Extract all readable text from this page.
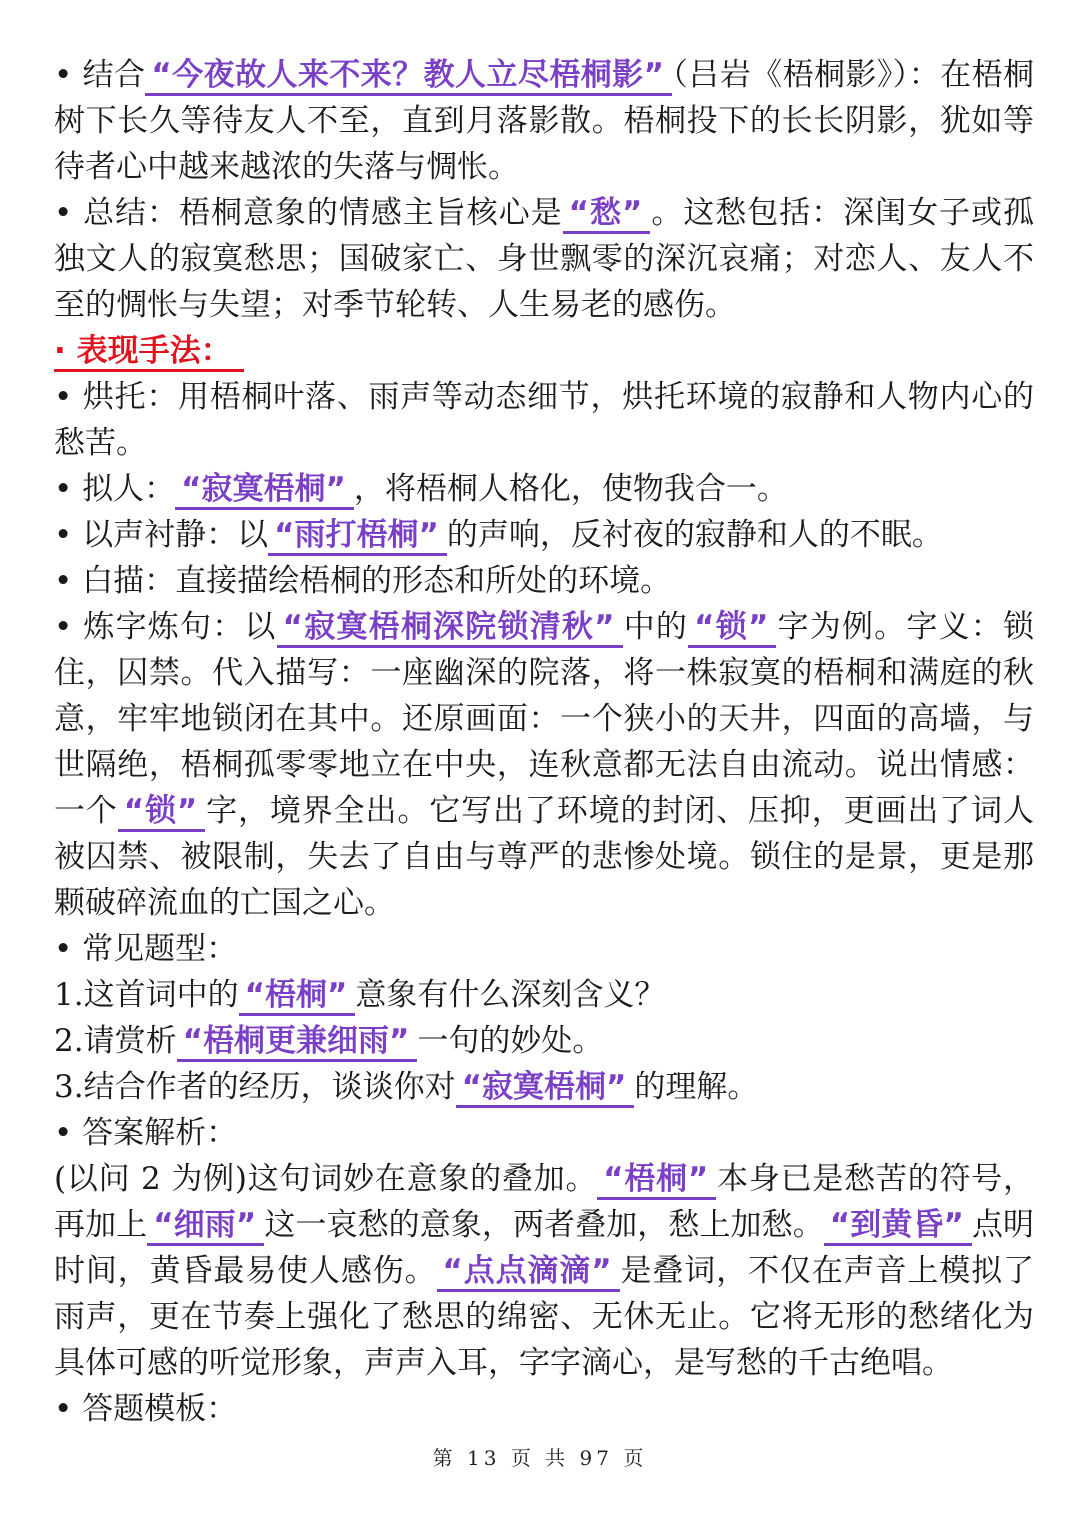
• 结合 “今夜故人来不来？教人立尽梧桐影” （吕岩《梧桐影》）：在梧桐树下长久等待友人不至，直到月落影散。梧桐投下的长长阴影，犹如等待者心中越来越浓的失落与惆怅。

• 总结：梧桐意象的情感主旨核心是 “愁” 。这愁包括：深闺女子或孤独文人的寂寞愁思；国破家亡、身世飘零的深沉哀痛；对恋人、友人不至的惆怅与失望；对季节轮转、人生易老的感伤。

· 表现手法：

• 烘托：用梧桐叶落、雨声等动态细节，烘托环境的寂静和人物内心的愁苦。

• 拟人： “寂寞梧桐” ，将梧桐人格化，使物我合一。

• 以声衬静：以 “雨打梧桐” 的声响，反衬夜的寂静和人的不眠。

• 白描：直接描绘梧桐的形态和所处的环境。

• 炼字炼句：以 “寂寞梧桐深院锁清秋” 中的 “锁” 字为例。字义：锁住，囚禁。代入描写：一座幽深的院落，将一株寂寞的梧桐和满庭的秋意，牢牢地锁闭在其中。还原画面：一个狭小的天井，四面的高墙，与世隔绝，梧桐孤零零地立在中央，连秋意都无法自由流动。说出情感：一个 “锁” 字，境界全出。它写出了环境的封闭、压抑，更画出了词人被囚禁、被限制，失去了自由与尊严的悲惨处境。锁住的是景，更是那颗破碎流血的亡国之心。

• 常见题型：

1.这首词中的 “梧桐” 意象有什么深刻含义？

2.请赏析 “梧桐更兼细雨” 一句的妙处。

3.结合作者的经历，谈谈你对 “寂寞梧桐” 的理解。

• 答案解析：

(以问 2 为例)这句词妙在意象的叠加。 “梧桐” 本身已是愁苦的符号，再加上 “细雨” 这一哀愁的意象，两者叠加，愁上加愁。 “到黄昏” 点明时间，黄昏最易使人感伤。 “点点滴滴” 是叠词，不仅在声音上模拟了雨声，更在节奏上强化了愁思的绵密、无休无止。它将无形的愁绪化为具体可感的听觉形象，声声入耳，字字滴心，是写愁的千古绝唱。

• 答题模板：

第 13 页 共 97 页
